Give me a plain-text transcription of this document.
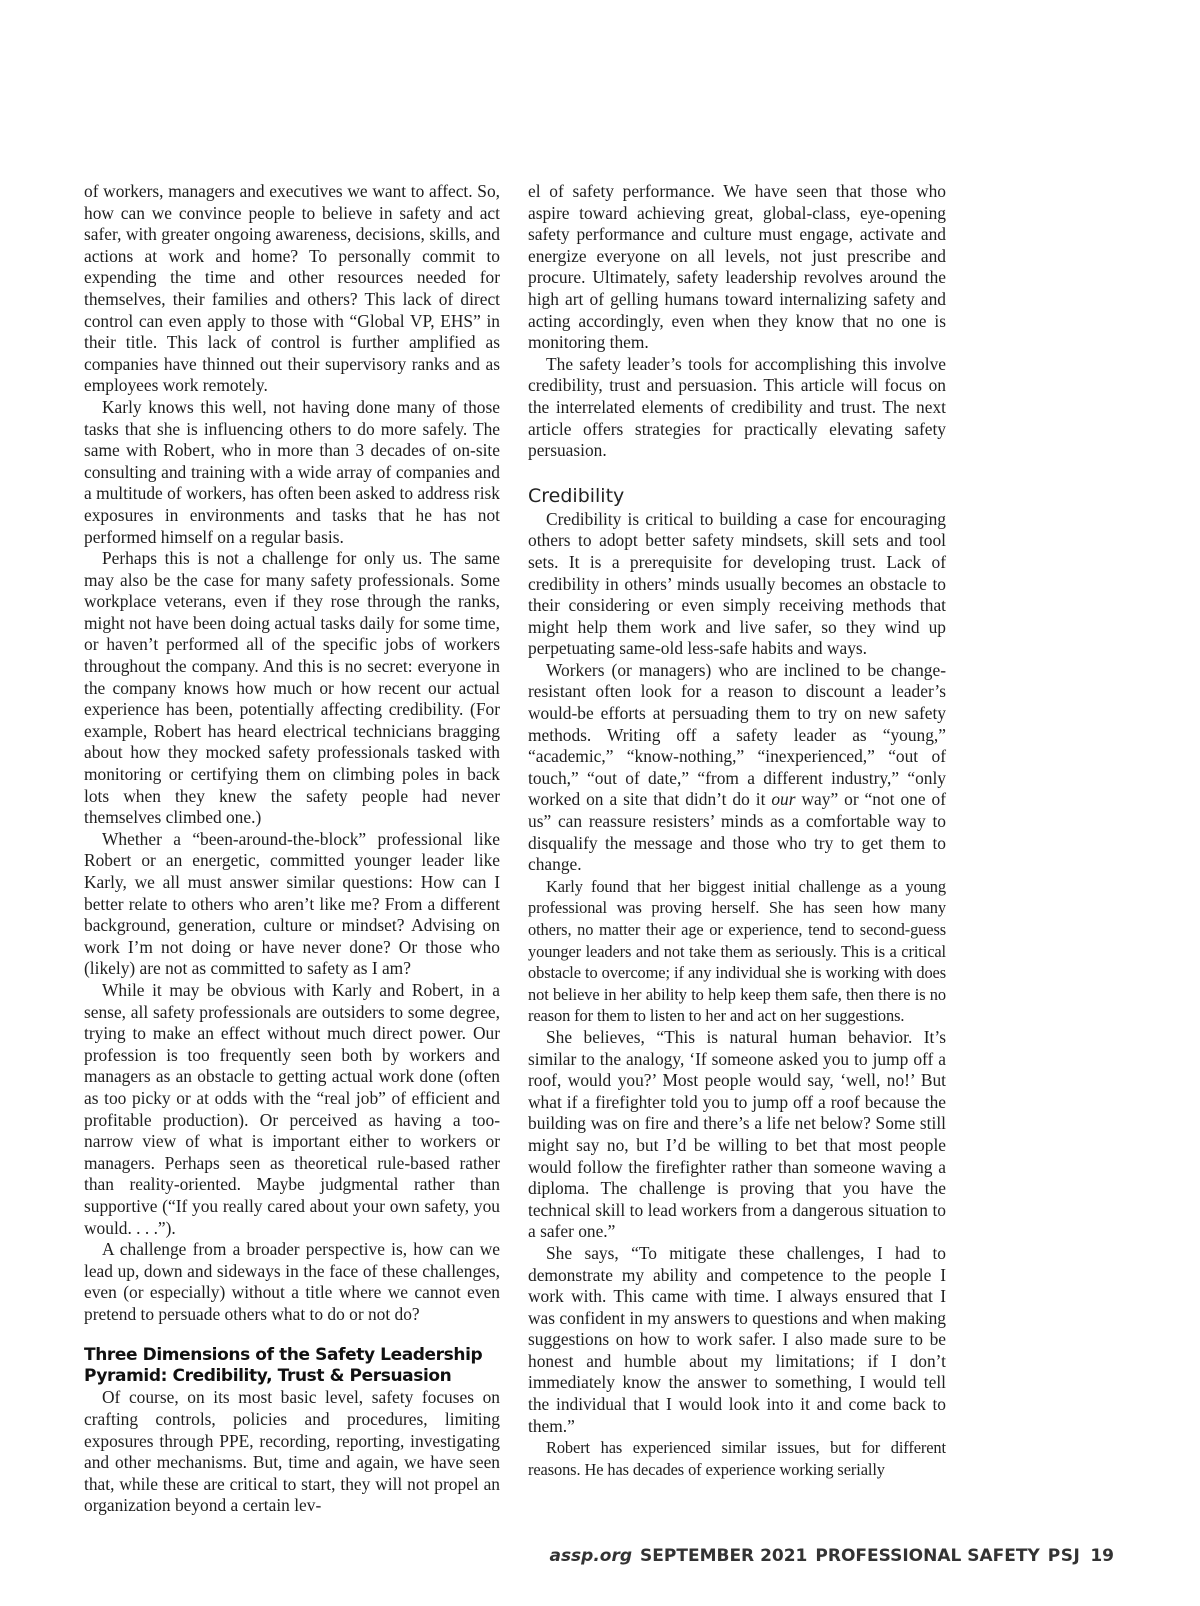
of workers, managers and executives we want to affect. So, how can we convince people to believe in safety and act safer, with greater ongoing awareness, decisions, skills, and actions at work and home? To personally commit to expending the time and other resources needed for themselves, their families and others? This lack of direct control can even apply to those with “Global VP, EHS” in their title. This lack of control is further amplified as companies have thinned out their supervisory ranks and as employees work remotely.

Karly knows this well, not having done many of those tasks that she is influencing others to do more safely. The same with Robert, who in more than 3 decades of on-site consulting and training with a wide array of companies and a multitude of workers, has often been asked to address risk exposures in environments and tasks that he has not performed himself on a regular basis.

Perhaps this is not a challenge for only us. The same may also be the case for many safety professionals. Some workplace veterans, even if they rose through the ranks, might not have been doing actual tasks daily for some time, or haven’t performed all of the specific jobs of workers throughout the company. And this is no secret: everyone in the company knows how much or how recent our actual experience has been, potentially affecting credibility. (For example, Robert has heard electrical technicians bragging about how they mocked safety professionals tasked with monitoring or certifying them on climbing poles in back lots when they knew the safety people had never themselves climbed one.)

Whether a “been-around-the-block” professional like Robert or an energetic, committed younger leader like Karly, we all must answer similar questions: How can I better relate to others who aren’t like me? From a different background, generation, culture or mindset? Advising on work I’m not doing or have never done? Or those who (likely) are not as committed to safety as I am?

While it may be obvious with Karly and Robert, in a sense, all safety professionals are outsiders to some degree, trying to make an effect without much direct power. Our profession is too frequently seen both by workers and managers as an obstacle to getting actual work done (often as too picky or at odds with the “real job” of efficient and profitable production). Or perceived as having a too-narrow view of what is important either to workers or managers. Perhaps seen as theoretical rule-based rather than reality-oriented. Maybe judgmental rather than supportive (“If you really cared about your own safety, you would. . . .”).

A challenge from a broader perspective is, how can we lead up, down and sideways in the face of these challenges, even (or especially) without a title where we cannot even pretend to persuade others what to do or not do?

Three Dimensions of the Safety Leadership Pyramid: Credibility, Trust & Persuasion

Of course, on its most basic level, safety focuses on crafting controls, policies and procedures, limiting exposures through PPE, recording, reporting, investigating and other mechanisms. But, time and again, we have seen that, while these are critical to start, they will not propel an organization beyond a certain lev-

el of safety performance. We have seen that those who aspire toward achieving great, global-class, eye-opening safety performance and culture must engage, activate and energize everyone on all levels, not just prescribe and procure. Ultimately, safety leadership revolves around the high art of gelling humans toward internalizing safety and acting accordingly, even when they know that no one is monitoring them.

The safety leader’s tools for accomplishing this involve credibility, trust and persuasion. This article will focus on the interrelated elements of credibility and trust. The next article offers strategies for practically elevating safety persuasion.

Credibility

Credibility is critical to building a case for encouraging others to adopt better safety mindsets, skill sets and tool sets. It is a prerequisite for developing trust. Lack of credibility in others’ minds usually becomes an obstacle to their considering or even simply receiving methods that might help them work and live safer, so they wind up perpetuating same-old less-safe habits and ways.

Workers (or managers) who are inclined to be change-resistant often look for a reason to discount a leader’s would-be efforts at persuading them to try on new safety methods. Writing off a safety leader as “young,” “academic,” “know-nothing,” “inexperienced,” “out of touch,” “out of date,” “from a different industry,” “only worked on a site that didn’t do it our way” or “not one of us” can reassure resisters’ minds as a comfortable way to disqualify the message and those who try to get them to change.

Karly found that her biggest initial challenge as a young professional was proving herself. She has seen how many others, no matter their age or experience, tend to second-guess younger leaders and not take them as seriously. This is a critical obstacle to overcome; if any individual she is working with does not believe in her ability to help keep them safe, then there is no reason for them to listen to her and act on her suggestions.

She believes, “This is natural human behavior. It’s similar to the analogy, ‘If someone asked you to jump off a roof, would you?’ Most people would say, ‘well, no!’ But what if a firefighter told you to jump off a roof because the building was on fire and there’s a life net below? Some still might say no, but I’d be willing to bet that most people would follow the firefighter rather than someone waving a diploma. The challenge is proving that you have the technical skill to lead workers from a dangerous situation to a safer one.”

She says, “To mitigate these challenges, I had to demonstrate my ability and competence to the people I work with. This came with time. I always ensured that I was confident in my answers to questions and when making suggestions on how to work safer. I also made sure to be honest and humble about my limitations; if I don’t immediately know the answer to something, I would tell the individual that I would look into it and come back to them.”

Robert has experienced similar issues, but for different reasons. He has decades of experience working serially

assp.org SEPTEMBER 2021 PROFESSIONAL SAFETY PSJ 19
